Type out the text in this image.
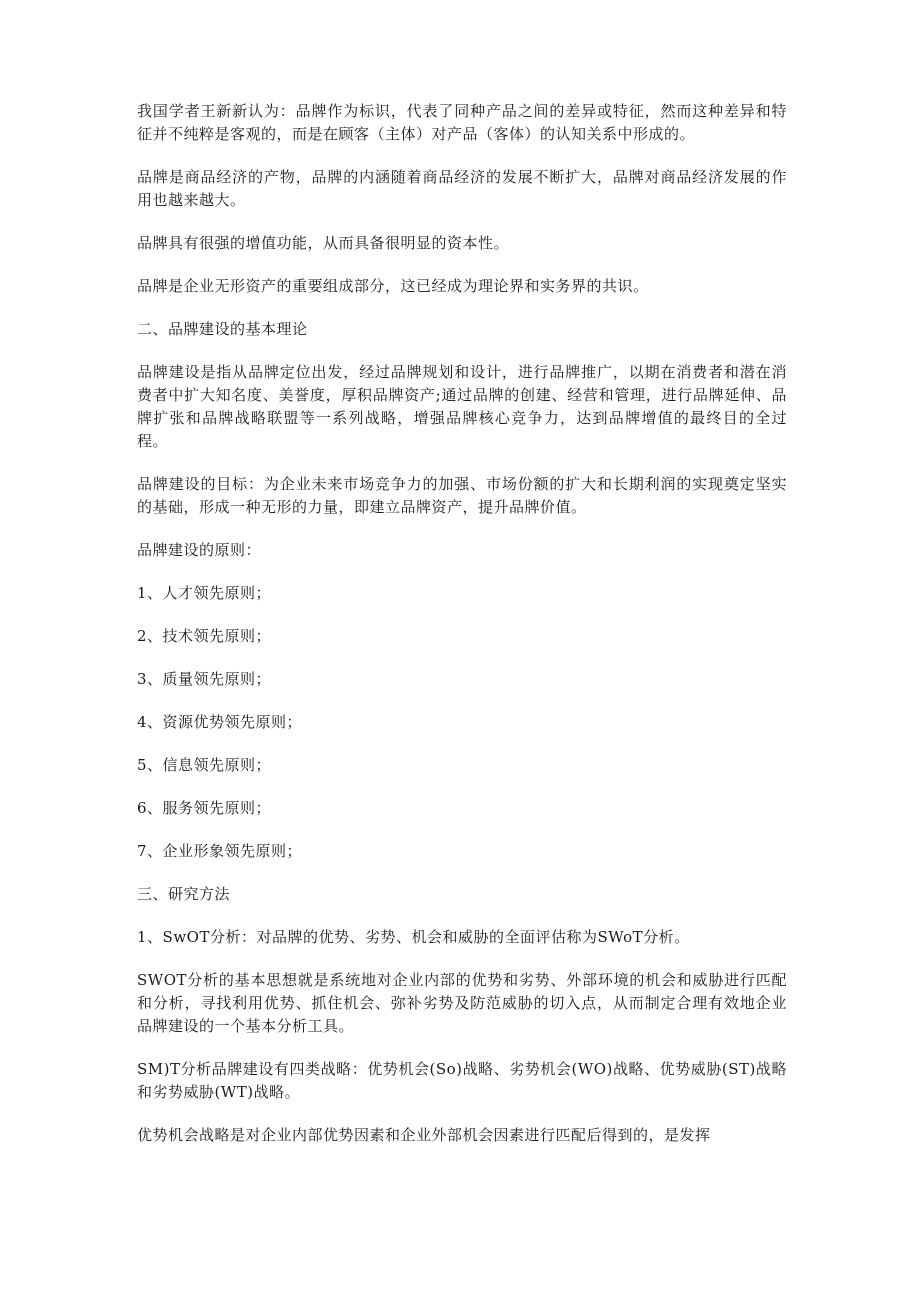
我国学者王新新认为：品牌作为标识，代表了同种产品之间的差异或特征，然而这种差异和特征并不纯粹是客观的，而是在顾客（主体）对产品（客体）的认知关系中形成的。

品牌是商品经济的产物，品牌的内涵随着商品经济的发展不断扩大，品牌对商品经济发展的作用也越来越大。

品牌具有很强的增值功能，从而具备很明显的资本性。

品牌是企业无形资产的重要组成部分，这已经成为理论界和实务界的共识。

二、品牌建设的基本理论

品牌建设是指从品牌定位出发，经过品牌规划和设计，进行品牌推广，以期在消费者和潜在消费者中扩大知名度、美誉度，厚积品牌资产;通过品牌的创建、经营和管理，进行品牌延伸、品牌扩张和品牌战略联盟等一系列战略，增强品牌核心竞争力，达到品牌增值的最终目的全过程。

品牌建设的目标：为企业未来市场竞争力的加强、市场份额的扩大和长期利润的实现奠定坚实的基础，形成一种无形的力量，即建立品牌资产，提升品牌价值。

品牌建设的原则：

1、人才领先原则；

2、技术领先原则；

3、质量领先原则；

4、资源优势领先原则；

5、信息领先原则；

6、服务领先原则；

7、企业形象领先原则；

三、研究方法

1、SwOT分析：对品牌的优势、劣势、机会和威胁的全面评估称为SWoT分析。

SWOT分析的基本思想就是系统地对企业内部的优势和劣势、外部环境的机会和威胁进行匹配和分析，寻找利用优势、抓住机会、弥补劣势及防范威胁的切入点，从而制定合理有效地企业品牌建设的一个基本分析工具。

SM)T分析品牌建设有四类战略：优势机会(So)战略、劣势机会(WO)战略、优势威胁(ST)战略和劣势威胁(WT)战略。

优势机会战略是对企业内部优势因素和企业外部机会因素进行匹配后得到的，是发挥
